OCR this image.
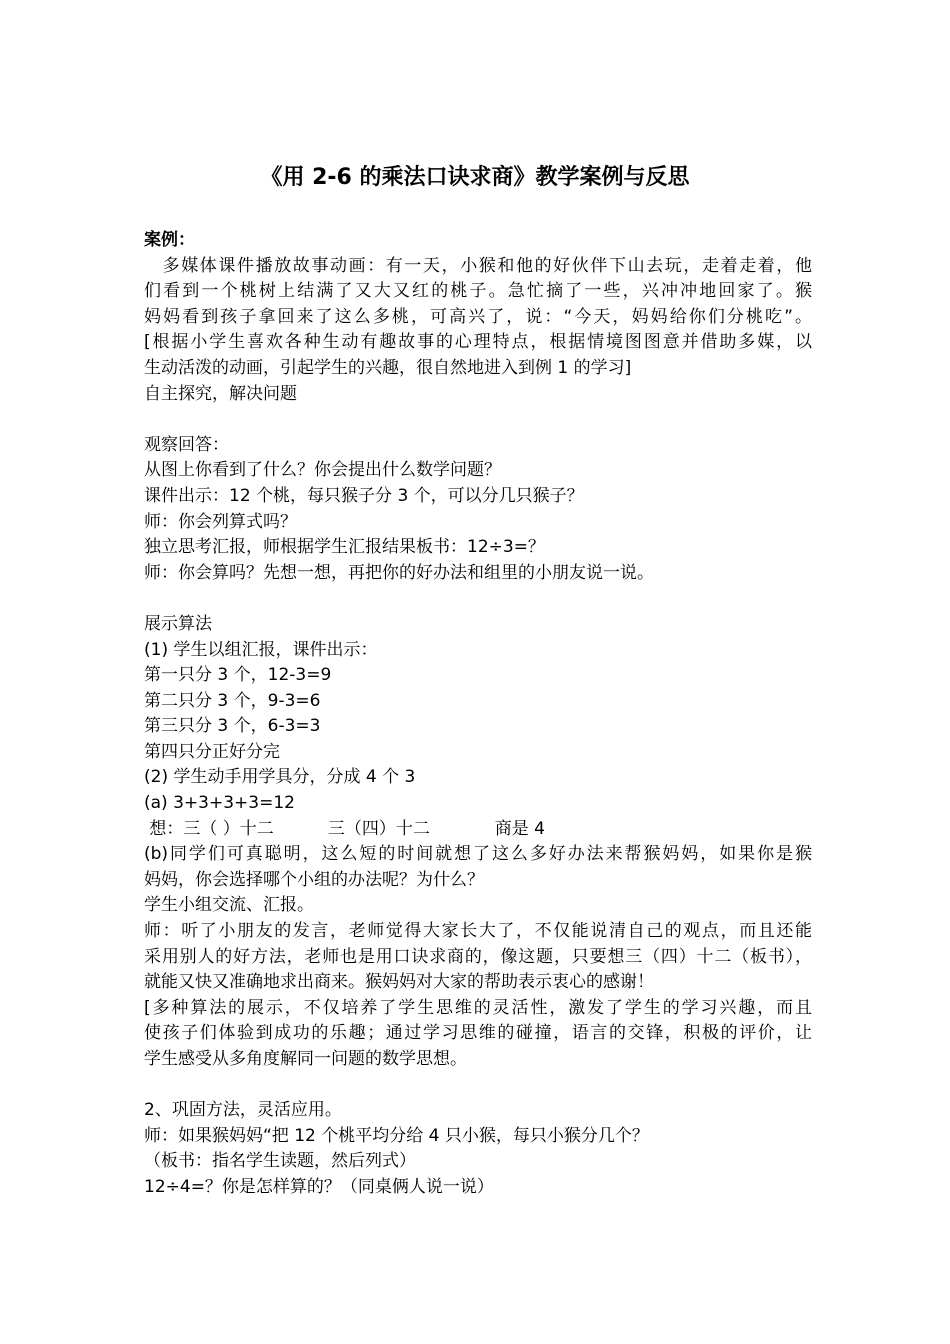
《用 2-6 的乘法口诀求商》教学案例与反思
案例：
　多媒体课件播放故事动画：有一天，小猴和他的好伙伴下山去玩，走着走着，他
们看到一个桃树上结满了又大又红的桃子。急忙摘了一些，兴冲冲地回家了。猴
妈妈看到孩子拿回来了这么多桃，可高兴了，说：“今天，妈妈给你们分桃吃”。
[根据小学生喜欢各种生动有趣故事的心理特点，根据情境图图意并借助多媒，以
生动活泼的动画，引起学生的兴趣，很自然地进入到例 1 的学习]
自主探究，解决问题
观察回答：
从图上你看到了什么？你会提出什么数学问题？
课件出示：12 个桃，每只猴子分 3 个，可以分几只猴子？
师：你会列算式吗？
独立思考汇报，师根据学生汇报结果板书：12÷3=？
师：你会算吗？先想一想，再把你的好办法和组里的小朋友说一说。
展示算法
(1) 学生以组汇报，课件出示：
第一只分 3 个，12-3=9
第二只分 3 个，9-3=6
第三只分 3 个，6-3=3
第四只分正好分完
(2) 学生动手用学具分，分成 4 个 3
(a) 3+3+3+3=12
想：三（ ）十二          三（四）十二            商是 4
(b)同学们可真聪明，这么短的时间就想了这么多好办法来帮猴妈妈，如果你是猴
妈妈，你会选择哪个小组的办法呢？为什么？
学生小组交流、汇报。
师：听了小朋友的发言，老师觉得大家长大了，不仅能说清自己的观点，而且还能
采用别人的好方法，老师也是用口诀求商的，像这题，只要想三（四）十二（板书），
就能又快又准确地求出商来。猴妈妈对大家的帮助表示衷心的感谢！
[多种算法的展示，不仅培养了学生思维的灵活性，激发了学生的学习兴趣，而且
使孩子们体验到成功的乐趣；通过学习思维的碰撞，语言的交锋，积极的评价，让
学生感受从多角度解同一问题的数学思想。
2、巩固方法，灵活应用。
师：如果猴妈妈“把 12 个桃平均分给 4 只小猴，每只小猴分几个？
（板书：指名学生读题，然后列式）
12÷4=？你是怎样算的？（同桌俩人说一说）
